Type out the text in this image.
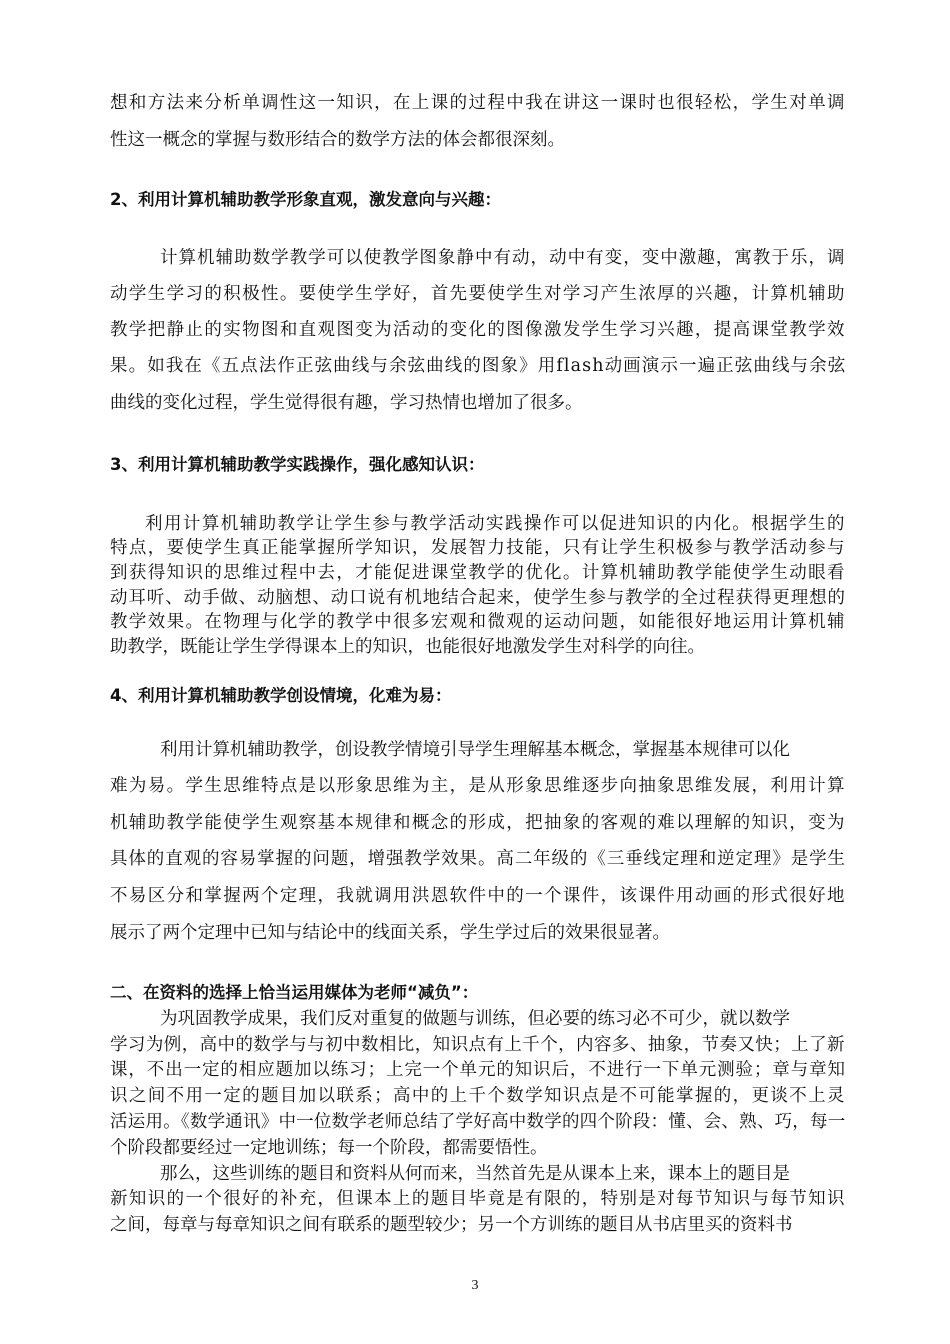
想和方法来分析单调性这一知识，在上课的过程中我在讲这一课时也很轻松，学生对单调
性这一概念的掌握与数形结合的数学方法的体会都很深刻。
2、利用计算机辅助教学形象直观，激发意向与兴趣：
计算机辅助数学教学可以使教学图象静中有动，动中有变，变中激趣，寓教于乐，调
动学生学习的积极性。要使学生学好，首先要使学生对学习产生浓厚的兴趣，计算机辅助
教学把静止的实物图和直观图变为活动的变化的图像激发学生学习兴趣，提高课堂教学效
果。如我在《五点法作正弦曲线与余弦曲线的图象》用flash动画演示一遍正弦曲线与余弦
曲线的变化过程，学生觉得很有趣，学习热情也增加了很多。
3、利用计算机辅助教学实践操作，强化感知认识：
利用计算机辅助教学让学生参与教学活动实践操作可以促进知识的内化。根据学生的
特点，要使学生真正能掌握所学知识，发展智力技能，只有让学生积极参与教学活动参与
到获得知识的思维过程中去，才能促进课堂教学的优化。计算机辅助教学能使学生动眼看
动耳听、动手做、动脑想、动口说有机地结合起来，使学生参与教学的全过程获得更理想的
教学效果。在物理与化学的教学中很多宏观和微观的运动问题，如能很好地运用计算机辅
助教学，既能让学生学得课本上的知识，也能很好地激发学生对科学的向往。
4、利用计算机辅助教学创设情境，化难为易：
利用计算机辅助教学，创设教学情境引导学生理解基本概念，掌握基本规律可以化
难为易。学生思维特点是以形象思维为主，是从形象思维逐步向抽象思维发展，利用计算
机辅助教学能使学生观察基本规律和概念的形成，把抽象的客观的难以理解的知识，变为
具体的直观的容易掌握的问题，增强教学效果。高二年级的《三垂线定理和逆定理》是学生
不易区分和掌握两个定理，我就调用洪恩软件中的一个课件，该课件用动画的形式很好地
展示了两个定理中已知与结论中的线面关系，学生学过后的效果很显著。
二、在资料的选择上恰当运用媒体为老师“减负”：
为巩固教学成果，我们反对重复的做题与训练，但必要的练习必不可少，就以数学
学习为例，高中的数学与与初中数相比，知识点有上千个，内容多、抽象，节奏又快；上了新
课，不出一定的相应题加以练习；上完一个单元的知识后，不进行一下单元测验；章与章知
识之间不用一定的题目加以联系；高中的上千个数学知识点是不可能掌握的，更谈不上灵
活运用。《数学通讯》中一位数学老师总结了学好高中数学的四个阶段：懂、会、熟、巧，每一
个阶段都要经过一定地训练；每一个阶段，都需要悟性。
那么，这些训练的题目和资料从何而来，当然首先是从课本上来，课本上的题目是
新知识的一个很好的补充，但课本上的题目毕竟是有限的，特别是对每节知识与每节知识
之间，每章与每章知识之间有联系的题型较少；另一个方训练的题目从书店里买的资料书
3
